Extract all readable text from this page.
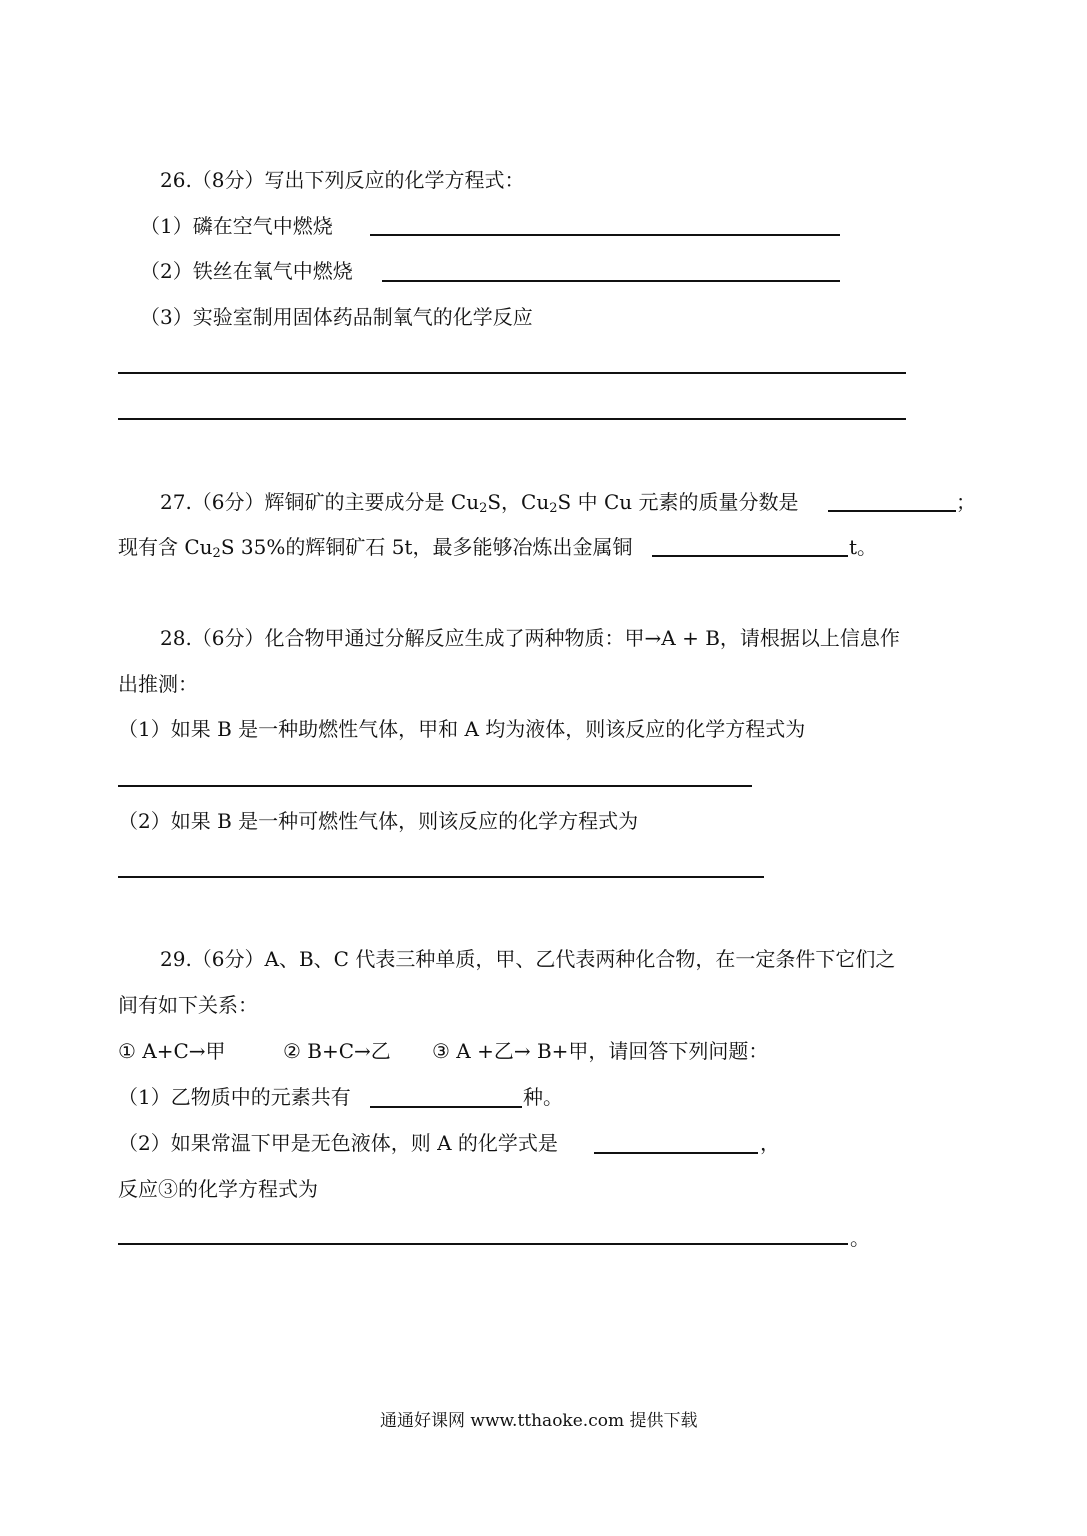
26.（8分）写出下列反应的化学方程式：
（1）磷在空气中燃烧
（2）铁丝在氧气中燃烧
（3）实验室制用固体药品制氧气的化学反应
27.（6分）辉铜矿的主要成分是 $Cu_2S$，$Cu_2S$ 中 Cu 元素的质量分数是	；
现有含 $Cu_2S$ 35%的辉铜矿石 5t，最多能够冶炼出金属铜	t。
28.（6分）化合物甲通过分解反应生成了两种物质：甲→A + B，请根据以上信息作
出推测：
（1）如果 B 是一种助燃性气体，甲和 A 均为液体，则该反应的化学方程式为
（2）如果 B 是一种可燃性气体，则该反应的化学方程式为
29.（6分）A、B、C 代表三种单质，甲、乙代表两种化合物，在一定条件下它们之
间有如下关系：
① A+C→甲	② B+C→乙 ③ A +乙→ B+甲，请回答下列问题：
（1）乙物质中的元素共有	种。
（2）如果常温下甲是无色液体，则 A 的化学式是	，
反应③的化学方程式为
。
通通好课网 www.tthaoke.com 提供下载
